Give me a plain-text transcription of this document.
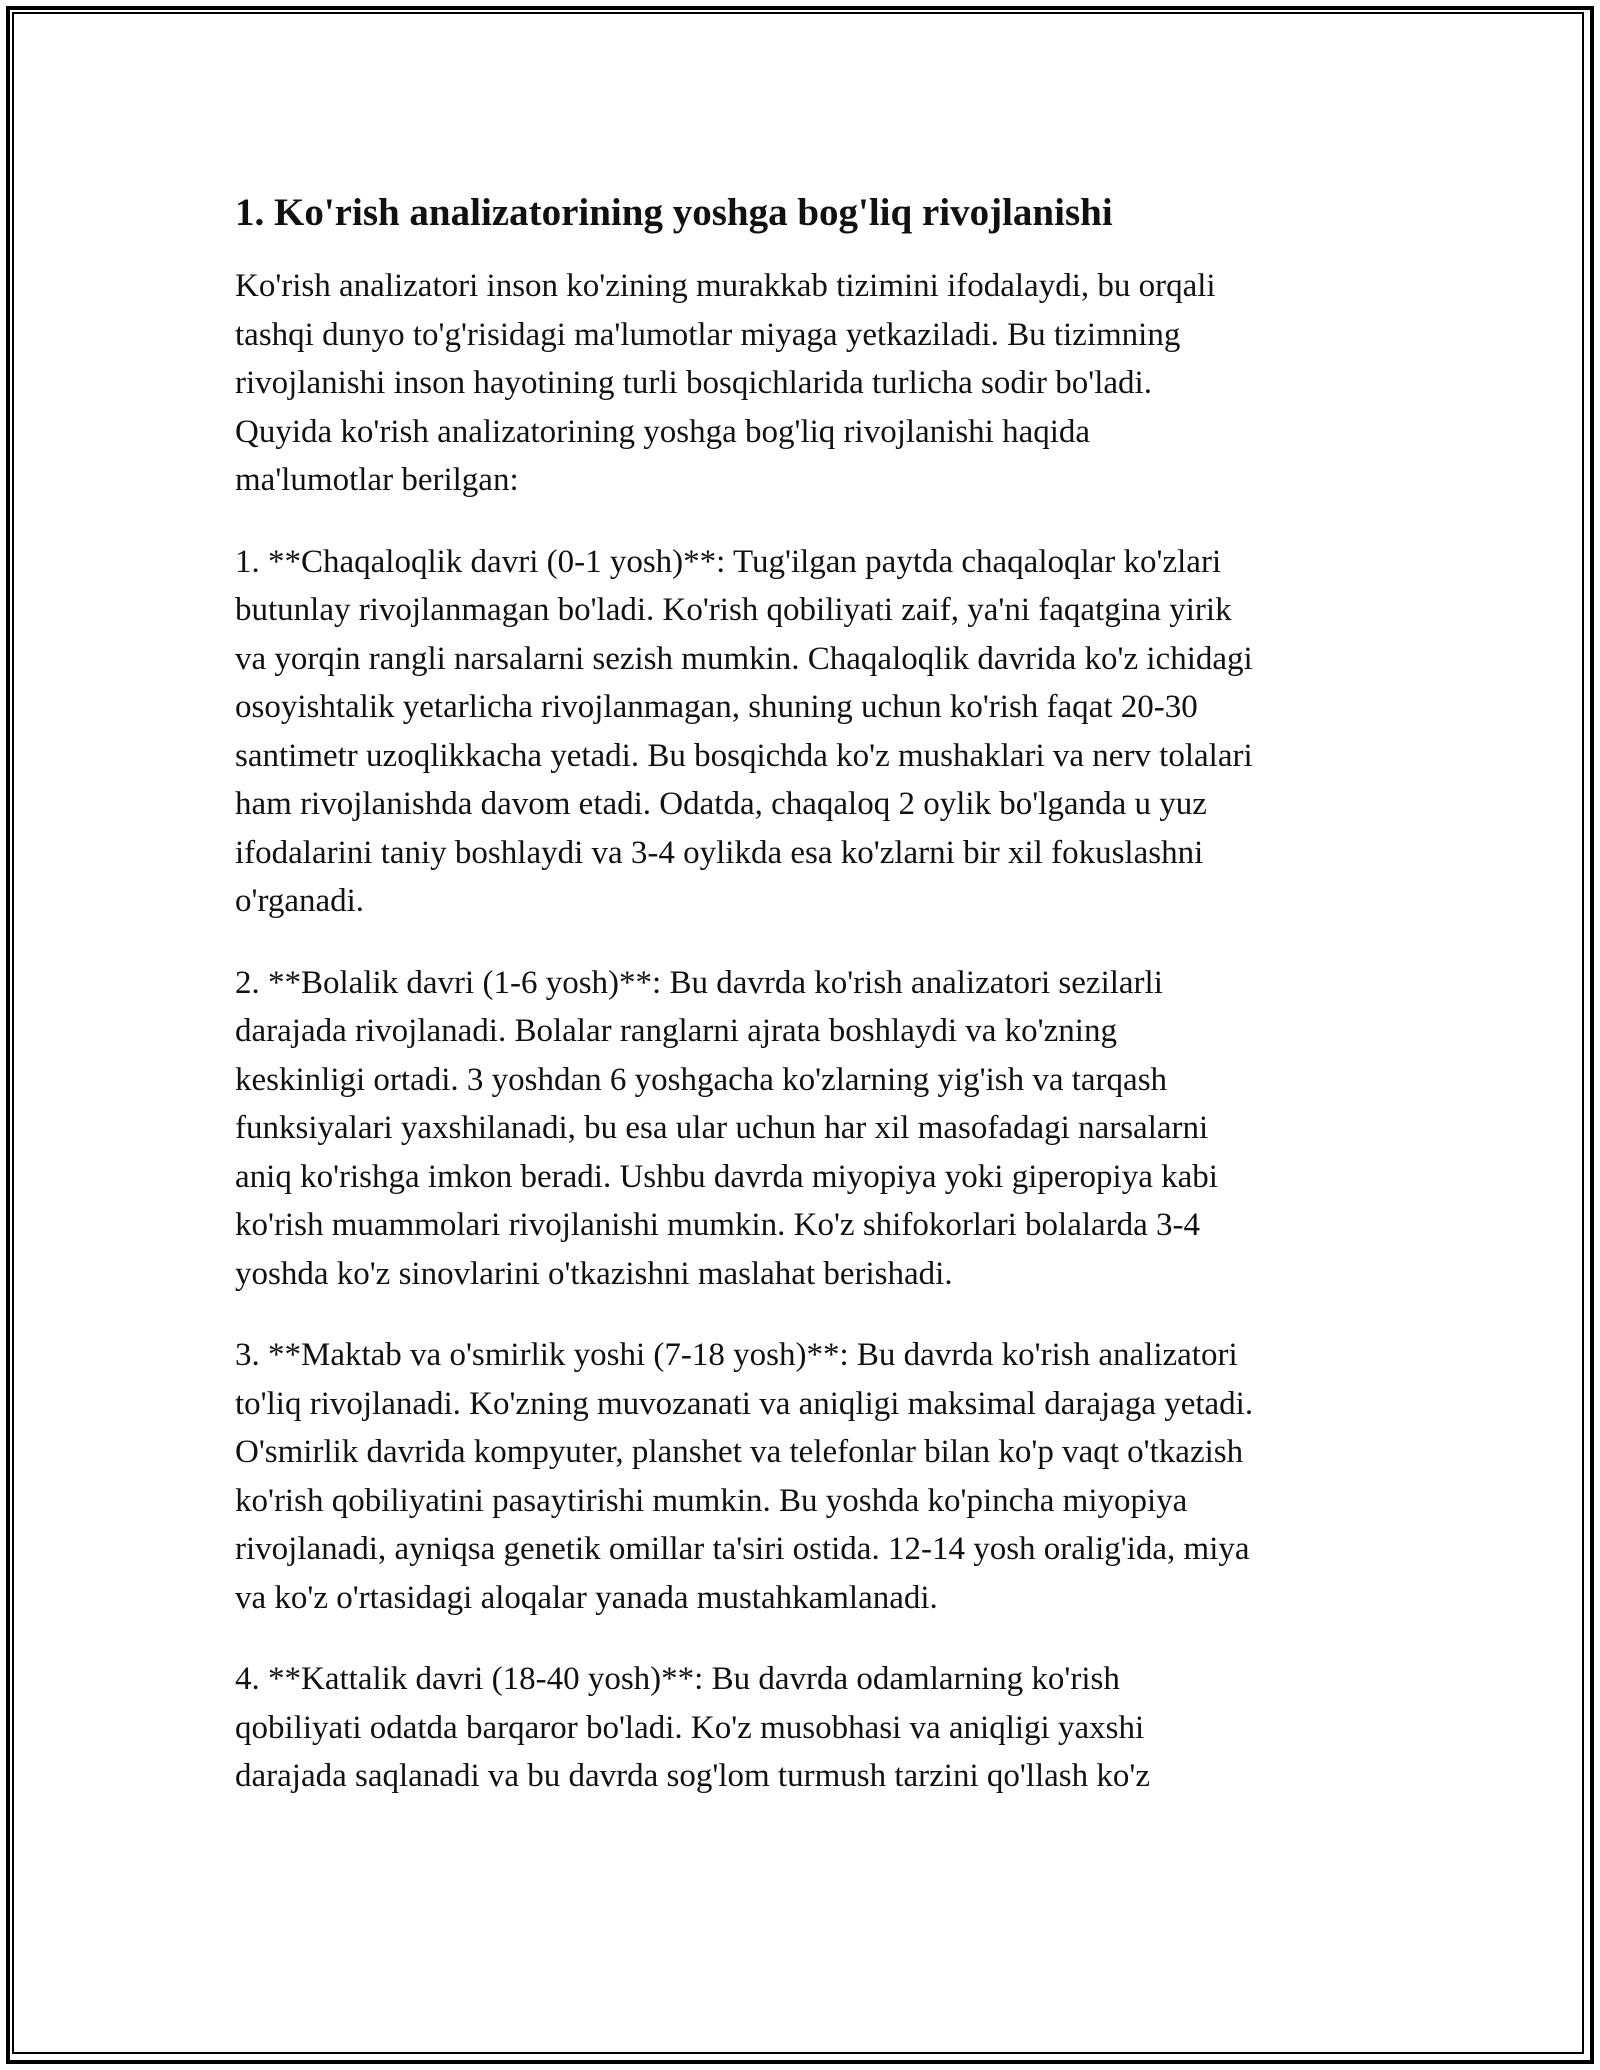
1. Ko'rish analizatorining yoshga bog'liq rivojlanishi

Ko'rish analizatori inson ko'zining murakkab tizimini ifodalaydi, bu orqali
tashqi dunyo to'g'risidagi ma'lumotlar miyaga yetkaziladi. Bu tizimning
rivojlanishi inson hayotining turli bosqichlarida turlicha sodir bo'ladi.
Quyida ko'rish analizatorining yoshga bog'liq rivojlanishi haqida
ma'lumotlar berilgan:

1. **Chaqaloqlik davri (0-1 yosh)**: Tug'ilgan paytda chaqaloqlar ko'zlari
butunlay rivojlanmagan bo'ladi. Ko'rish qobiliyati zaif, ya'ni faqatgina yirik
va yorqin rangli narsalarni sezish mumkin. Chaqaloqlik davrida ko'z ichidagi
osoyishtalik yetarlicha rivojlanmagan, shuning uchun ko'rish faqat 20-30
santimetr uzoqlikkacha yetadi. Bu bosqichda ko'z mushaklari va nerv tolalari
ham rivojlanishda davom etadi. Odatda, chaqaloq 2 oylik bo'lganda u yuz
ifodalarini taniy boshlaydi va 3-4 oylikda esa ko'zlarni bir xil fokuslashni
o'rganadi.

2. **Bolalik davri (1-6 yosh)**: Bu davrda ko'rish analizatori sezilarli
darajada rivojlanadi. Bolalar ranglarni ajrata boshlaydi va ko'zning
keskinligi ortadi. 3 yoshdan 6 yoshgacha ko'zlarning yig'ish va tarqash
funksiyalari yaxshilanadi, bu esa ular uchun har xil masofadagi narsalarni
aniq ko'rishga imkon beradi. Ushbu davrda miyopiya yoki giperopiya kabi
ko'rish muammolari rivojlanishi mumkin. Ko'z shifokorlari bolalarda 3-4
yoshda ko'z sinovlarini o'tkazishni maslahat berishadi.

3. **Maktab va o'smirlik yoshi (7-18 yosh)**: Bu davrda ko'rish analizatori
to'liq rivojlanadi. Ko'zning muvozanati va aniqligi maksimal darajaga yetadi.
O'smirlik davrida kompyuter, planshet va telefonlar bilan ko'p vaqt o'tkazish
ko'rish qobiliyatini pasaytirishi mumkin. Bu yoshda ko'pincha miyopiya
rivojlanadi, ayniqsa genetik omillar ta'siri ostida. 12-14 yosh oralig'ida, miya
va ko'z o'rtasidagi aloqalar yanada mustahkamlanadi.

4. **Kattalik davri (18-40 yosh)**: Bu davrda odamlarning ko'rish
qobiliyati odatda barqaror bo'ladi. Ko'z musobhasi va aniqligi yaxshi
darajada saqlanadi va bu davrda sog'lom turmush tarzini qo'llash ko'z
